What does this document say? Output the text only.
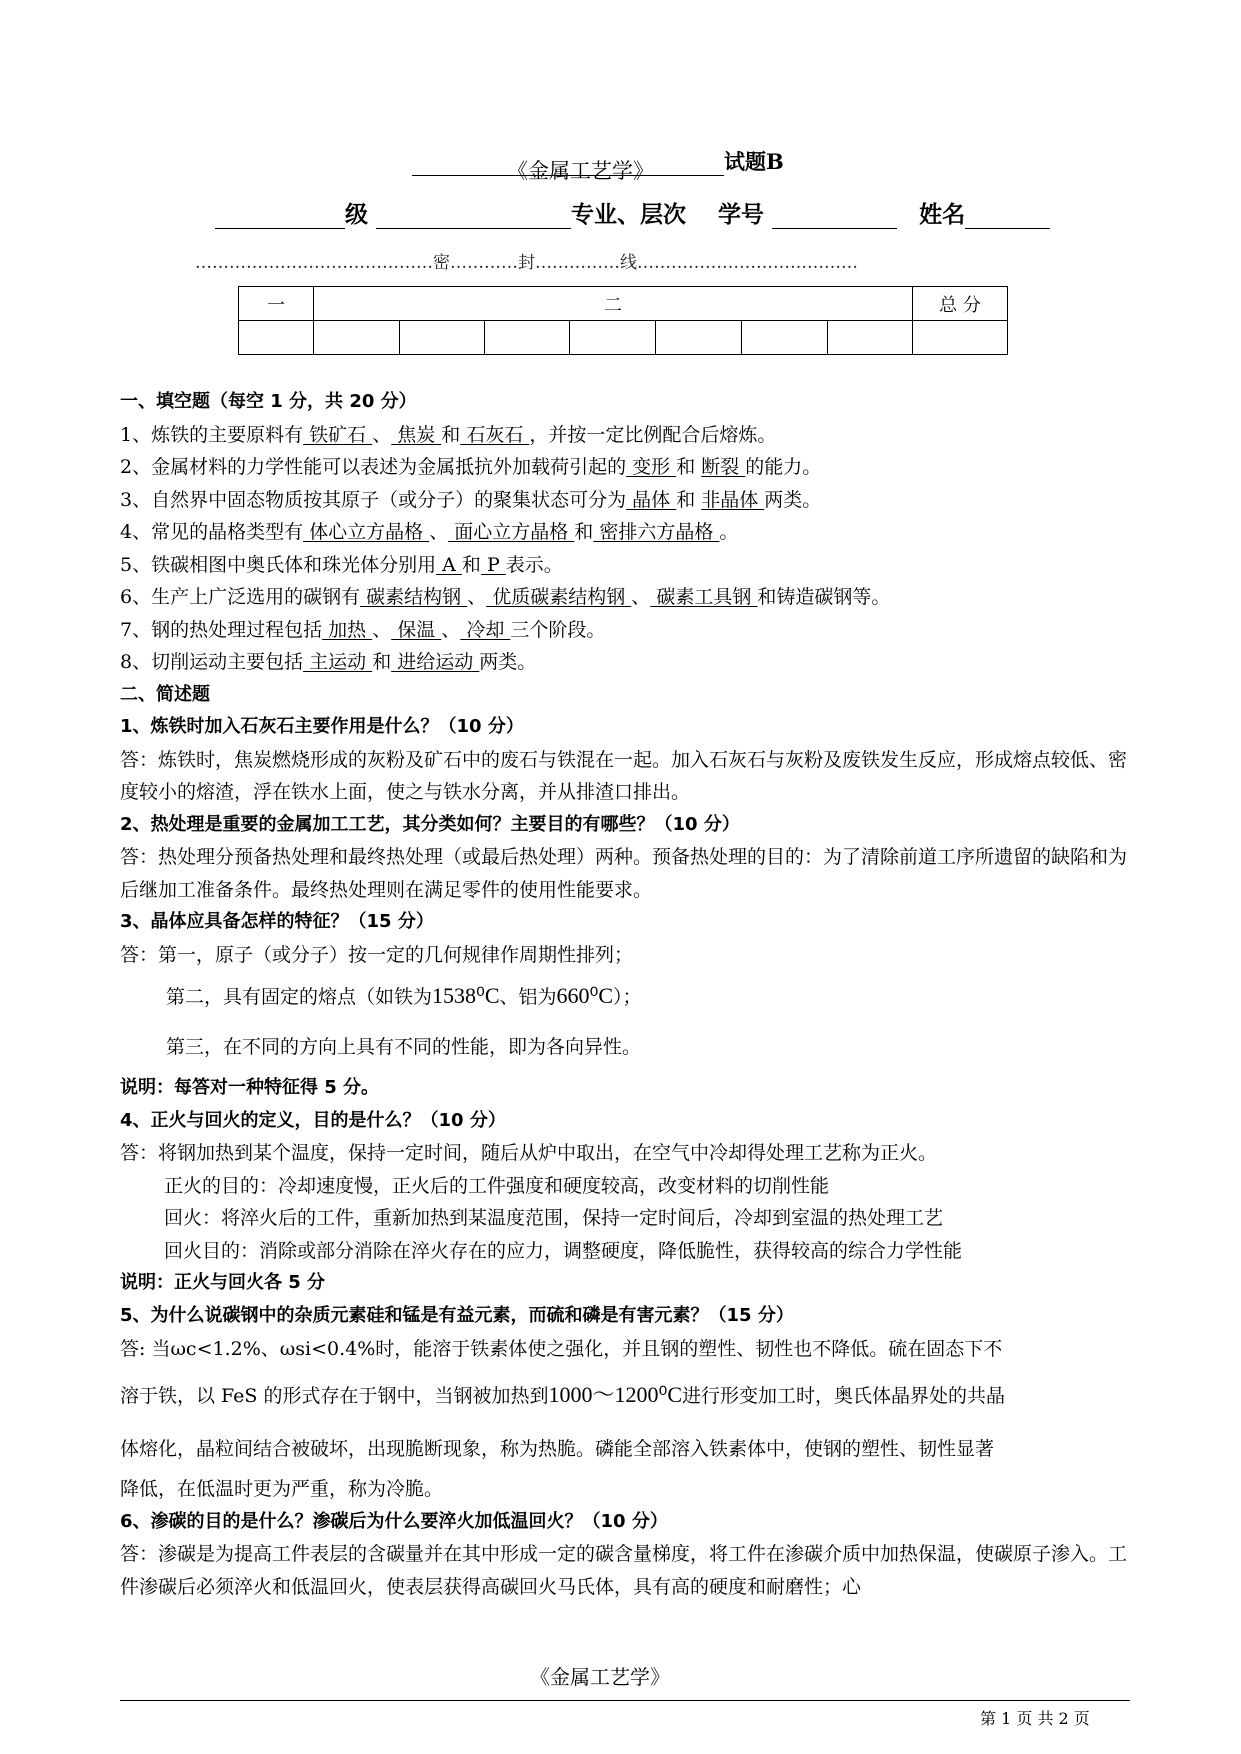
《金属工艺学》	试题B
级	专业、层次 学号	姓名
……………………………………密…………封……………线…………………………………
一	二							总 分

一、填空题（每空 1 分，共 20 分）

1、炼铁的主要原料有 铁矿石 、 焦炭 和 石灰石 ，并按一定比例配合后熔炼。

2、金属材料的力学性能可以表述为金属抵抗外加载荷引起的 变形 和 断裂 的能力。

3、自然界中固态物质按其原子（或分子）的聚集状态可分为 晶体 和 非晶体 两类。

4、常见的晶格类型有 体心立方晶格 、 面心立方晶格 和 密排六方晶格 。

5、铁碳相图中奥氏体和珠光体分别用 A 和 P 表示。

6、生产上广泛选用的碳钢有 碳素结构钢 、 优质碳素结构钢 、 碳素工具钢 和铸造碳钢等。

7、钢的热处理过程包括 加热 、 保温 、 冷却 三个阶段。

8、切削运动主要包括 主运动 和 进给运动 两类。

二、简述题

1、炼铁时加入石灰石主要作用是什么？（10 分）

答：炼铁时，焦炭燃烧形成的灰粉及矿石中的废石与铁混在一起。加入石灰石与灰粉及废铁发生反应，形成熔点较低、密度较小的熔渣，浮在铁水上面，使之与铁水分离，并从排渣口排出。

2、热处理是重要的金属加工工艺，其分类如何？主要目的有哪些？（10 分）

答：热处理分预备热处理和最终热处理（或最后热处理）两种。预备热处理的目的：为了清除前道工序所遗留的缺陷和为后继加工准备条件。最终热处理则在满足零件的使用性能要求。

3、晶体应具备怎样的特征？（15 分）

答：第一，原子（或分子）按一定的几何规律作周期性排列；

第二，具有固定的熔点（如铁为1538⁰C、铝为660⁰C）；

第三，在不同的方向上具有不同的性能，即为各向异性。

说明：每答对一种特征得 5 分。

4、正火与回火的定义，目的是什么？（10 分）

答：将钢加热到某个温度，保持一定时间，随后从炉中取出，在空气中冷却得处理工艺称为正火。

正火的目的：冷却速度慢，正火后的工件强度和硬度较高，改变材料的切削性能

回火：将淬火后的工件，重新加热到某温度范围，保持一定时间后，冷却到室温的热处理工艺

回火目的：消除或部分消除在淬火存在的应力，调整硬度，降低脆性，获得较高的综合力学性能

说明：正火与回火各 5 分

5、为什么说碳钢中的杂质元素硅和锰是有益元素，而硫和磷是有害元素？（15 分）

答: 当ωc<1.2%、ωsi<0.4%时，能溶于铁素体使之强化，并且钢的塑性、韧性也不降低。硫在固态下不

溶于铁，以 FeS 的形式存在于钢中，当钢被加热到1000～1200⁰C进行形变加工时，奥氏体晶界处的共晶

体熔化，晶粒间结合被破坏，出现脆断现象，称为热脆。磷能全部溶入铁素体中，使钢的塑性、韧性显著

降低，在低温时更为严重，称为冷脆。

6、渗碳的目的是什么？渗碳后为什么要淬火加低温回火？（10 分）

答：渗碳是为提高工件表层的含碳量并在其中形成一定的碳含量梯度，将工件在渗碳介质中加热保温，使碳原子渗入。工件渗碳后必须淬火和低温回火，使表层获得高碳回火马氏体，具有高的硬度和耐磨性；心

《金属工艺学》
第 1 页 共 2 页
